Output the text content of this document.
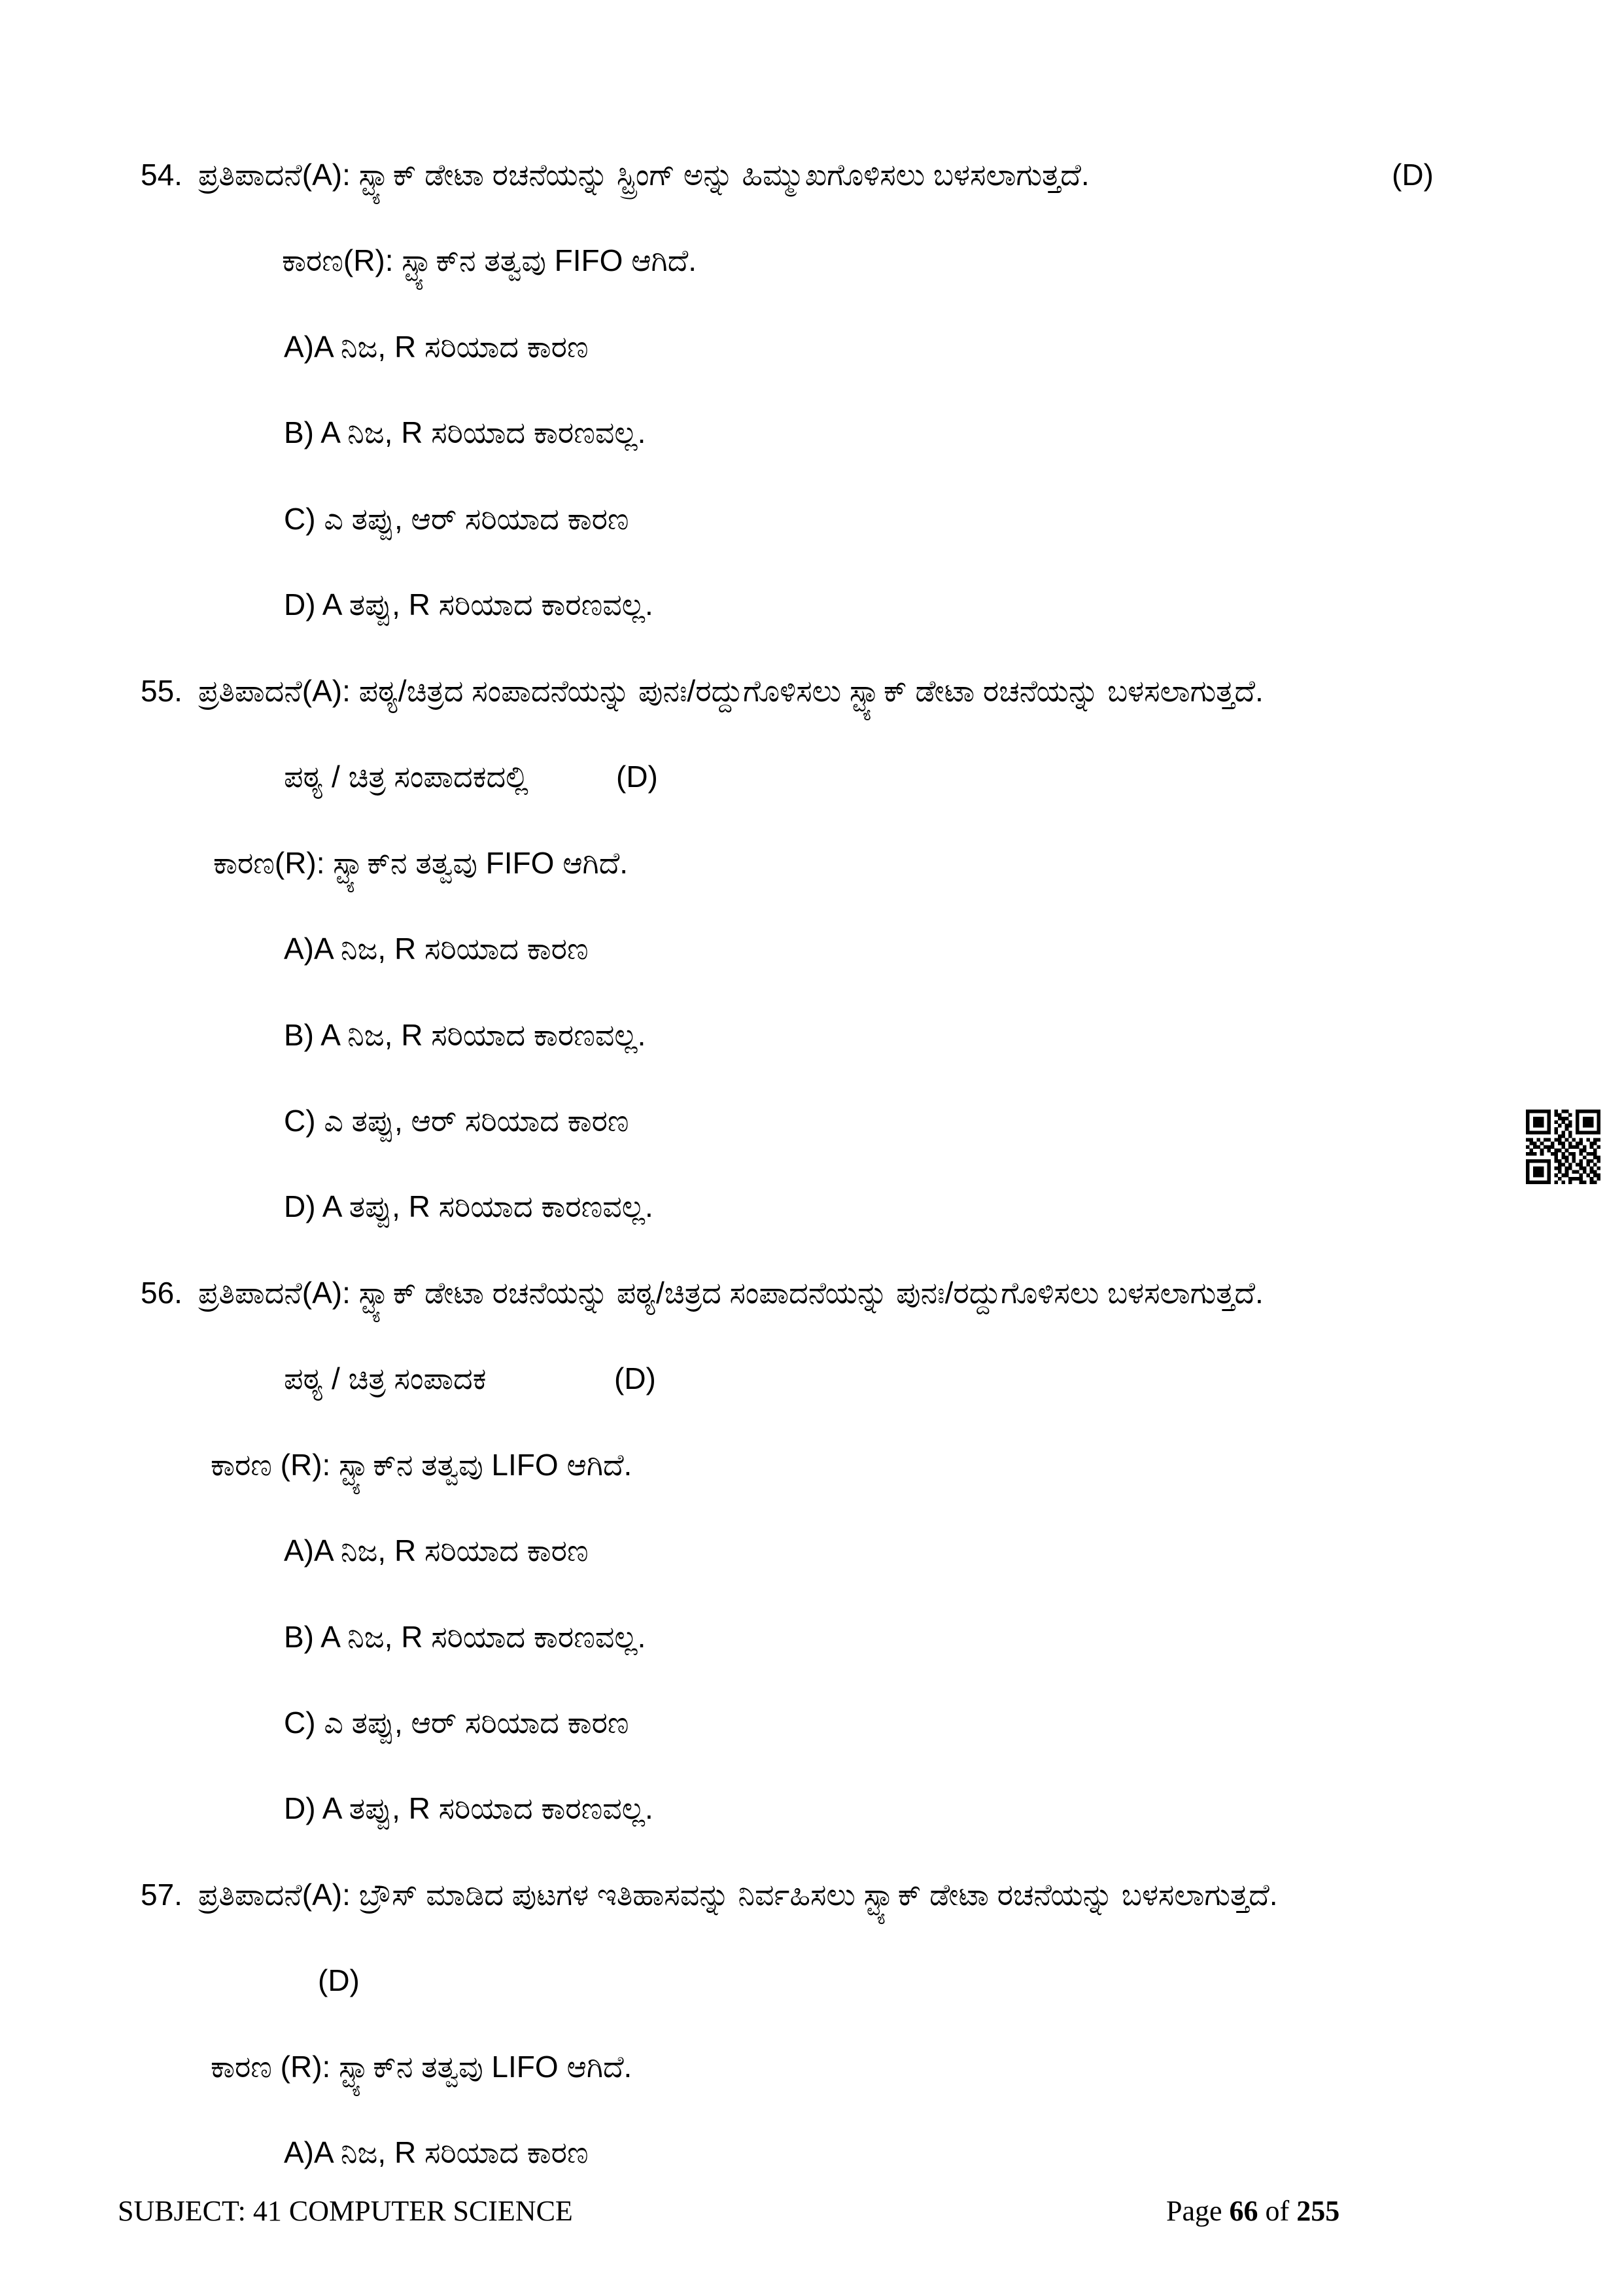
54. ಪ್ರತಿಪಾದನೆ(A): ಸ್ಟ್ಯಾಕ್ ಡೇಟಾ ರಚನೆಯನ್ನು ಸ್ಟ್ರಿಂಗ್ ಅನ್ನು ಹಿಮ್ಮುಖಗೊಳಿಸಲು ಬಳಸಲಾಗುತ್ತದೆ.	(D)
ಕಾರಣ(R): ಸ್ಟ್ಯಾಕ್‌ನ ತತ್ವವು FIFO ಆಗಿದೆ.
A)A ನಿಜ, R ಸರಿಯಾದ ಕಾರಣ
B) A ನಿಜ, R ಸರಿಯಾದ ಕಾರಣವಲ್ಲ.
C) ಎ ತಪ್ಪು, ಆರ್ ಸರಿಯಾದ ಕಾರಣ
D) A ತಪ್ಪು, R ಸರಿಯಾದ ಕಾರಣವಲ್ಲ.
55. ಪ್ರತಿಪಾದನೆ(A): ಪಠ್ಯ/ಚಿತ್ರದ ಸಂಪಾದನೆಯನ್ನು ಪುನಃ/ರದ್ದುಗೊಳಿಸಲು ಸ್ಟ್ಯಾಕ್ ಡೇಟಾ ರಚನೆಯನ್ನು ಬಳಸಲಾಗುತ್ತದೆ.
ಪಠ್ಯ / ಚಿತ್ರ ಸಂಪಾದಕದಲ್ಲಿ	(D)
ಕಾರಣ(R): ಸ್ಟ್ಯಾಕ್‌ನ ತತ್ವವು FIFO ಆಗಿದೆ.
A)A ನಿಜ, R ಸರಿಯಾದ ಕಾರಣ
B) A ನಿಜ, R ಸರಿಯಾದ ಕಾರಣವಲ್ಲ.
C) ಎ ತಪ್ಪು, ಆರ್ ಸರಿಯಾದ ಕಾರಣ
D) A ತಪ್ಪು, R ಸರಿಯಾದ ಕಾರಣವಲ್ಲ.
56. ಪ್ರತಿಪಾದನೆ(A): ಸ್ಟ್ಯಾಕ್ ಡೇಟಾ ರಚನೆಯನ್ನು ಪಠ್ಯ/ಚಿತ್ರದ ಸಂಪಾದನೆಯನ್ನು ಪುನಃ/ರದ್ದುಗೊಳಿಸಲು ಬಳಸಲಾಗುತ್ತದೆ.
ಪಠ್ಯ / ಚಿತ್ರ ಸಂಪಾದಕ	(D)
ಕಾರಣ (R): ಸ್ಟ್ಯಾಕ್‌ನ ತತ್ವವು LIFO ಆಗಿದೆ.
A)A ನಿಜ, R ಸರಿಯಾದ ಕಾರಣ
B) A ನಿಜ, R ಸರಿಯಾದ ಕಾರಣವಲ್ಲ.
C) ಎ ತಪ್ಪು, ಆರ್ ಸರಿಯಾದ ಕಾರಣ
D) A ತಪ್ಪು, R ಸರಿಯಾದ ಕಾರಣವಲ್ಲ.
57. ಪ್ರತಿಪಾದನೆ(A): ಬ್ರೌಸ್ ಮಾಡಿದ ಪುಟಗಳ ಇತಿಹಾಸವನ್ನು ನಿರ್ವಹಿಸಲು ಸ್ಟ್ಯಾಕ್ ಡೇಟಾ ರಚನೆಯನ್ನು ಬಳಸಲಾಗುತ್ತದೆ.
(D)
ಕಾರಣ (R): ಸ್ಟ್ಯಾಕ್‌ನ ತತ್ವವು LIFO ಆಗಿದೆ.
A)A ನಿಜ, R ಸರಿಯಾದ ಕಾರಣ
SUBJECT: 41 COMPUTER SCIENCE	Page 66 of 255
